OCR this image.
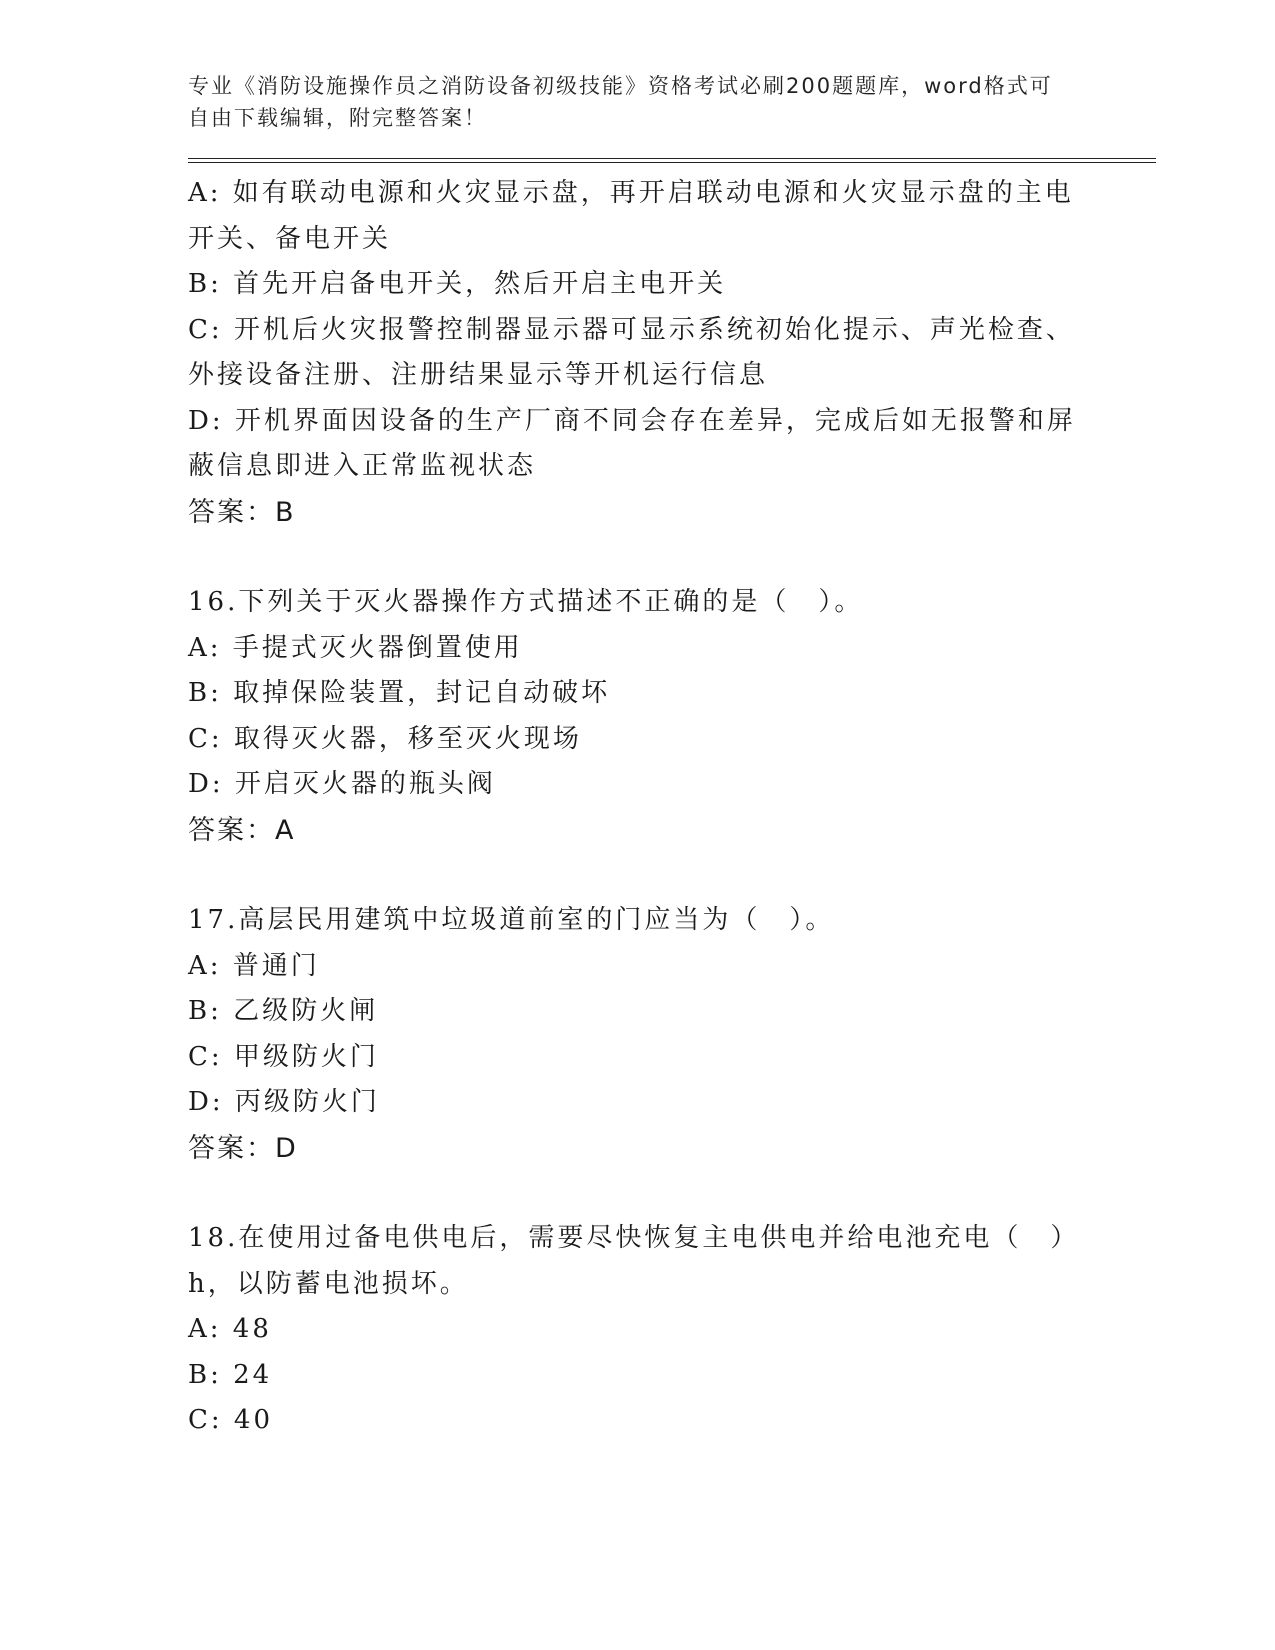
专业《消防设施操作员之消防设备初级技能》资格考试必刷200题题库，word格式可自由下载编辑，附完整答案！

A: 如有联动电源和火灾显示盘，再开启联动电源和火灾显示盘的主电

开关、备电开关

B: 首先开启备电开关，然后开启主电开关

C: 开机后火灾报警控制器显示器可显示系统初始化提示、声光检查、

外接设备注册、注册结果显示等开机运行信息

D: 开机界面因设备的生产厂商不同会存在差异，完成后如无报警和屏

蔽信息即进入正常监视状态

答案：B

16.下列关于灭火器操作方式描述不正确的是（　）。

A: 手提式灭火器倒置使用

B: 取掉保险装置，封记自动破坏

C: 取得灭火器，移至灭火现场

D: 开启灭火器的瓶头阀

答案：A

17.高层民用建筑中垃圾道前室的门应当为（　）。

A: 普通门

B: 乙级防火闸

C: 甲级防火门

D: 丙级防火门

答案：D

18.在使用过备电供电后，需要尽快恢复主电供电并给电池充电（　）

h，以防蓄电池损坏。

A: 48

B: 24

C: 40
